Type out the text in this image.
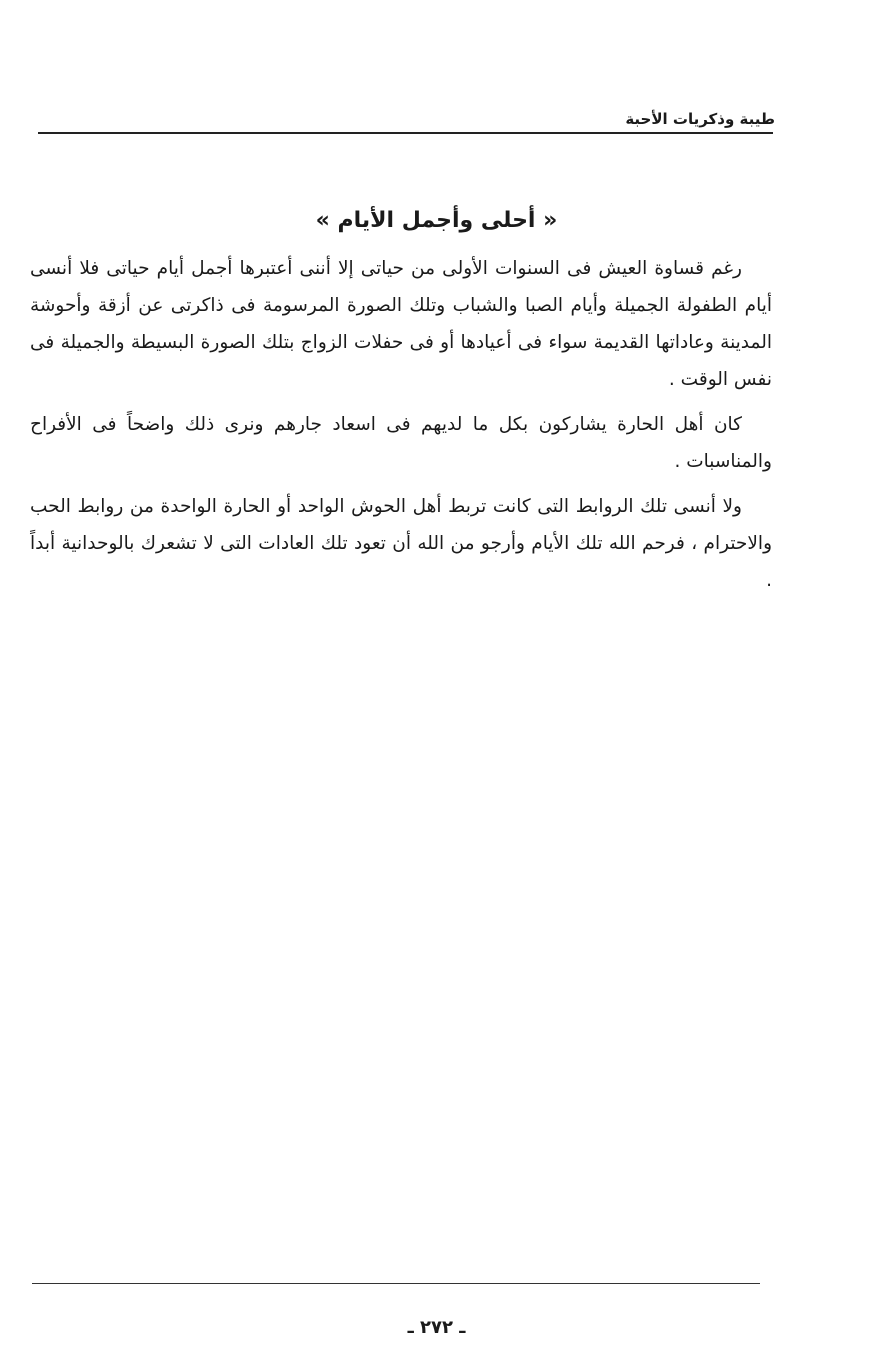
طيبة وذكريات الأحبة
« أحلى وأجمل الأيام »

رغم قساوة العيش فى السنوات الأولى من حياتى إلا أننى أعتبرها أجمل أيام حياتى فلا أنسى أيام الطفولة الجميلة وأيام الصبا والشباب وتلك الصورة المرسومة فى ذاكرتى عن أزقة وأحوشة المدينة وعاداتها القديمة سواء فى أعيادها أو فى حفلات الزواج بتلك الصورة البسيطة والجميلة فى نفس الوقت .

كان أهل الحارة يشاركون بكل ما لديهم فى اسعاد جارهم ونرى ذلك واضحاً فى الأفراح والمناسبات .

ولا أنسى تلك الروابط التى كانت تربط أهل الحوش الواحد أو الحارة الواحدة من روابط الحب والاحترام ، فرحم الله تلك الأيام وأرجو من الله أن تعود تلك العادات التى لا تشعرك بالوحدانية أبداً .

ـ ٢٧٢ ـ
